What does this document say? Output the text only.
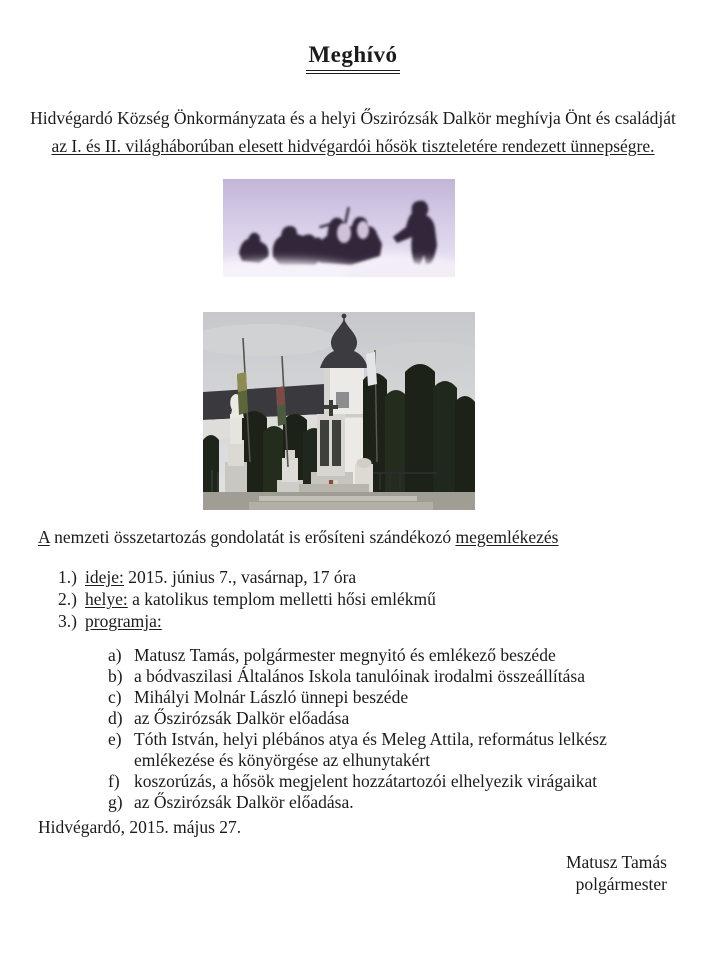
Meghívó
Hidvégardó Község Önkormányzata és a helyi Őszirózsák Dalkör meghívja Önt és családját
az I. és II. világháborúban elesett hidvégardói hősök tiszteletére rendezett ünnepségre.
A nemzeti összetartozás gondolatát is erősíteni szándékozó megemlékezés
1.) ideje: 2015. június 7., vasárnap, 17 óra
2.) helye: a katolikus templom melletti hősi emlékmű
3.) programja:
a) Matusz Tamás, polgármester megnyitó és emlékező beszéde
b) a bódvaszilasi Általános Iskola tanulóinak irodalmi összeállítása
c) Mihályi Molnár László ünnepi beszéde
d) az Őszirózsák Dalkör előadása
e) Tóth István, helyi plébános atya és Meleg Attila, református lelkész emlékezése és könyörgése az elhunytakért
f) koszorúzás, a hősök megjelent hozzátartozói elhelyezik virágaikat
g) az Őszirózsák Dalkör előadása.
Hidvégardó, 2015. május 27.
Matusz Tamás
polgármester
